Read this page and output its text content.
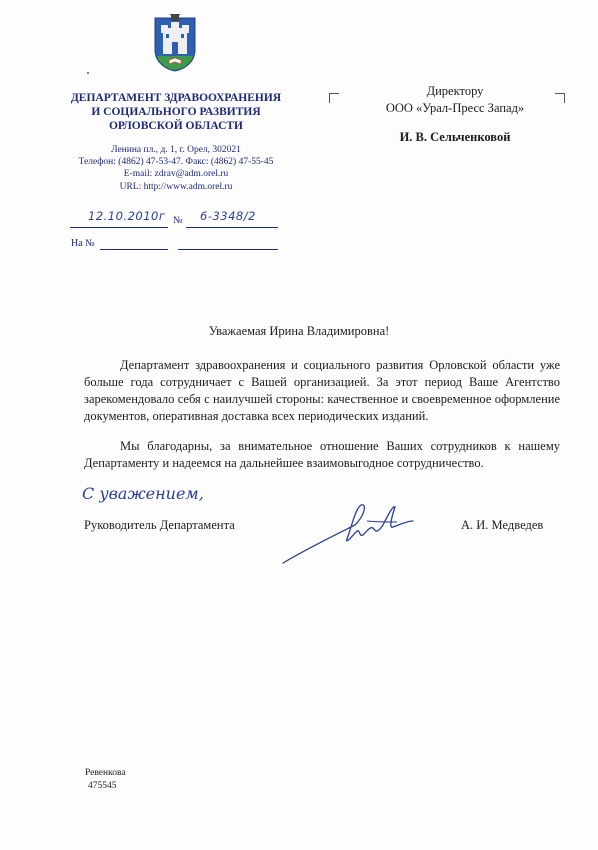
ДЕПАРТАМЕНТ ЗДРАВООХРАНЕНИЯ
И СОЦИАЛЬНОГО РАЗВИТИЯ
ОРЛОВСКОЙ ОБЛАСТИ
Ленина пл., д. 1, г. Орел, 302021
Телефон: (4862) 47-53-47. Факс: (4862) 47-55-45
E-mail: zdrav@adm.orel.ru
URL: http://www.adm.orel.ru
12.10.2010г № 6-3348/2
На №
Директору
ООО «Урал-Пресс Запад»
И. В. Сельченковой
Уважаемая Ирина Владимировна!
Департамент здравоохранения и социального развития Орловской области уже больше года сотрудничает с Вашей организацией. За этот период Ваше Агентство зарекомендовало себя с наилучшей стороны: качественное и своевременное оформление документов, оперативная доставка всех периодических изданий.
Мы благодарны, за внимательное отношение Ваших сотрудников к нашему Департаменту и надеемся на дальнейшее взаимовыгодное сотрудничество.
С уважением,
Руководитель Департамента	А. И. Медведев
Ревенкова
475545
